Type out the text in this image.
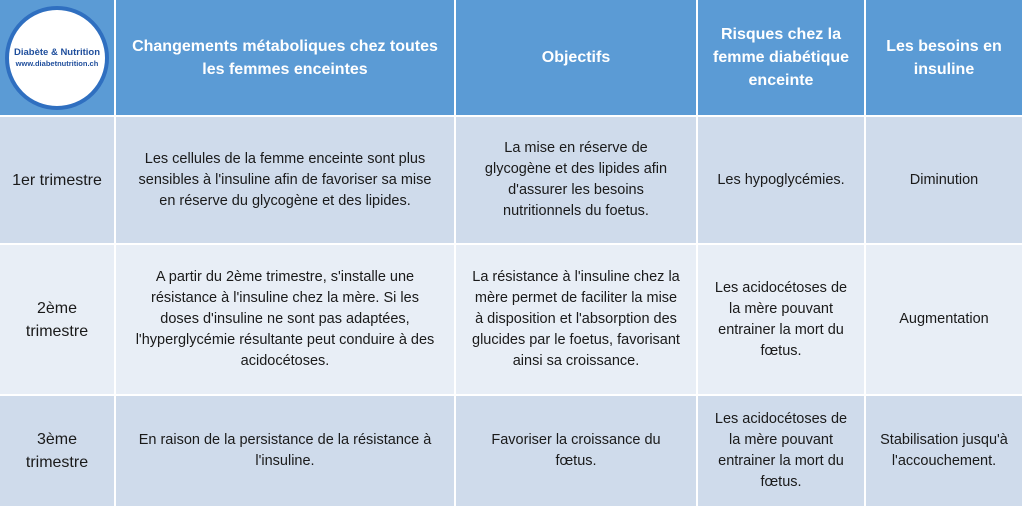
Diabète & Nutrition
www.diabetnutrition.ch
Changements métaboliques chez toutes les femmes enceintes
Objectifs
Risques chez la femme diabétique enceinte
Les besoins en insuline
1er trimestre
Les cellules de la femme enceinte sont plus sensibles à l'insuline afin de favoriser sa mise en réserve du glycogène et des lipides.
La mise en réserve de glycogène et des lipides afin d'assurer les besoins nutritionnels du foetus.
Les hypoglycémies.	Diminution
2ème trimestre
A partir du 2ème trimestre, s'installe une résistance à l'insuline chez la mère. Si les doses d'insuline ne sont pas adaptées, l'hyperglycémie résultante peut conduire à des acidocétoses.
La résistance à l'insuline chez la mère permet de faciliter la mise à disposition et l'absorption des glucides par le foetus, favorisant ainsi sa croissance.
Les acidocétoses de la mère pouvant entrainer la mort du fœtus.
Augmentation
3ème trimestre
En raison de la persistance de la résistance à l'insuline.
Favoriser la croissance du fœtus.
Les acidocétoses de la mère pouvant entrainer la mort du fœtus.
Stabilisation jusqu'à l'accouchement.
